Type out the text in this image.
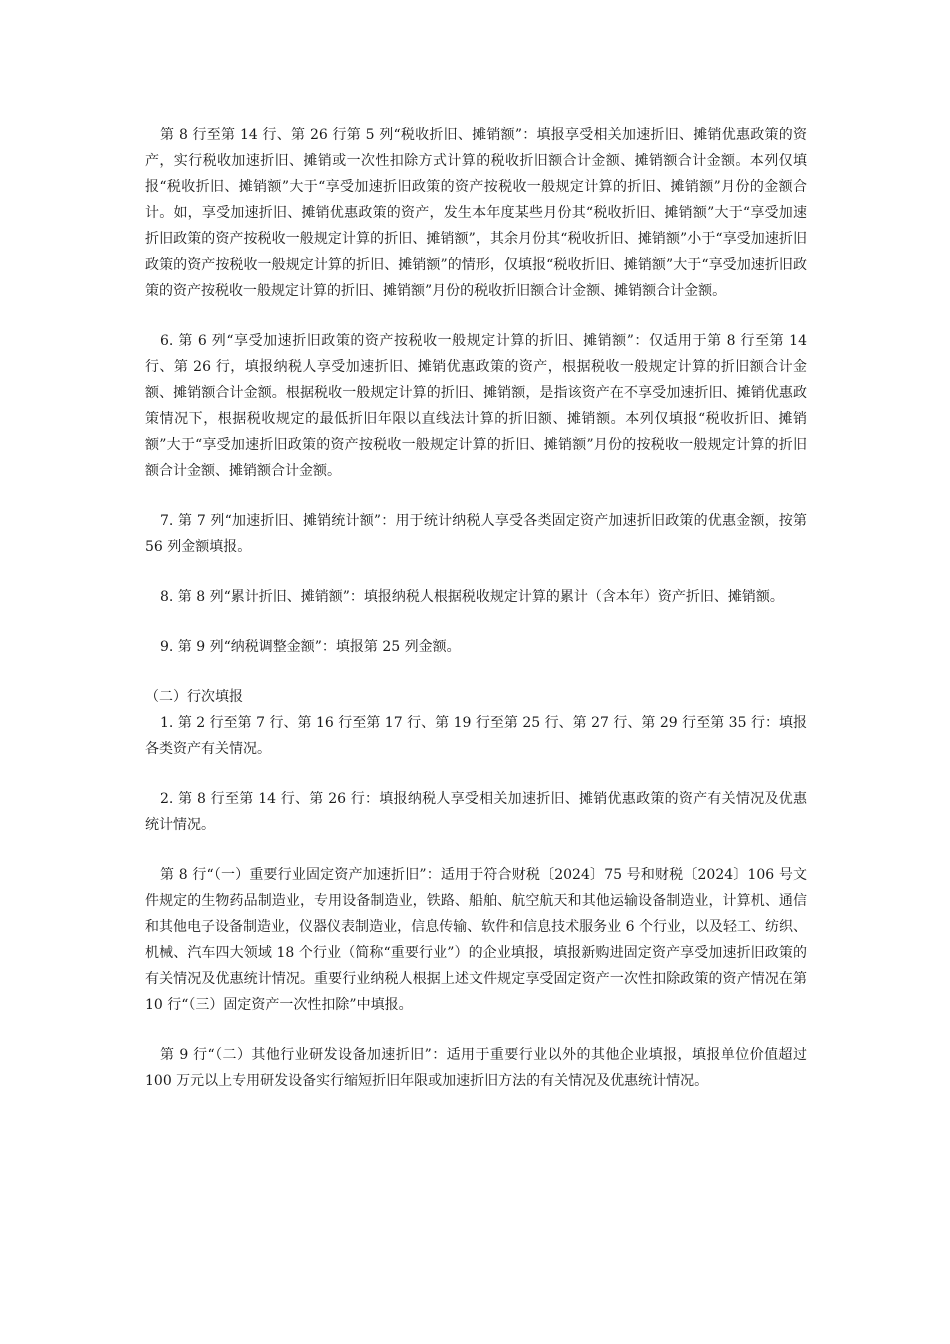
第 8 行至第 14 行、第 26 行第 5 列“税收折旧、摊销额”：填报享受相关加速折旧、摊销优惠政策的资产，实行税收加速折旧、摊销或一次性扣除方式计算的税收折旧额合计金额、摊销额合计金额。本列仅填报“税收折旧、摊销额”大于“享受加速折旧政策的资产按税收一般规定计算的折旧、摊销额”月份的金额合计。如，享受加速折旧、摊销优惠政策的资产，发生本年度某些月份其“税收折旧、摊销额”大于“享受加速折旧政策的资产按税收一般规定计算的折旧、摊销额”，其余月份其“税收折旧、摊销额”小于“享受加速折旧政策的资产按税收一般规定计算的折旧、摊销额”的情形，仅填报“税收折旧、摊销额”大于“享受加速折旧政策的资产按税收一般规定计算的折旧、摊销额”月份的税收折旧额合计金额、摊销额合计金额。

6. 第 6 列“享受加速折旧政策的资产按税收一般规定计算的折旧、摊销额”：仅适用于第 8 行至第 14 行、第 26 行，填报纳税人享受加速折旧、摊销优惠政策的资产，根据税收一般规定计算的折旧额合计金额、摊销额合计金额。根据税收一般规定计算的折旧、摊销额，是指该资产在不享受加速折旧、摊销优惠政策情况下，根据税收规定的最低折旧年限以直线法计算的折旧额、摊销额。本列仅填报“税收折旧、摊销额”大于“享受加速折旧政策的资产按税收一般规定计算的折旧、摊销额”月份的按税收一般规定计算的折旧额合计金额、摊销额合计金额。

7. 第 7 列“加速折旧、摊销统计额”：用于统计纳税人享受各类固定资产加速折旧政策的优惠金额，按第 56 列金额填报。

8. 第 8 列“累计折旧、摊销额”：填报纳税人根据税收规定计算的累计（含本年）资产折旧、摊销额。

9. 第 9 列“纳税调整金额”：填报第 25 列金额。

（二）行次填报

1. 第 2 行至第 7 行、第 16 行至第 17 行、第 19 行至第 25 行、第 27 行、第 29 行至第 35 行：填报各类资产有关情况。

2. 第 8 行至第 14 行、第 26 行：填报纳税人享受相关加速折旧、摊销优惠政策的资产有关情况及优惠统计情况。

第 8 行“（一）重要行业固定资产加速折旧”：适用于符合财税〔2024〕75 号和财税〔2024〕106 号文件规定的生物药品制造业，专用设备制造业，铁路、船舶、航空航天和其他运输设备制造业，计算机、通信和其他电子设备制造业，仪器仪表制造业，信息传输、软件和信息技术服务业 6 个行业，以及轻工、纺织、机械、汽车四大领域 18 个行业（简称“重要行业”）的企业填报，填报新购进固定资产享受加速折旧政策的有关情况及优惠统计情况。重要行业纳税人根据上述文件规定享受固定资产一次性扣除政策的资产情况在第 10 行“（三）固定资产一次性扣除”中填报。

第 9 行“（二）其他行业研发设备加速折旧”：适用于重要行业以外的其他企业填报，填报单位价值超过 100 万元以上专用研发设备实行缩短折旧年限或加速折旧方法的有关情况及优惠统计情况。
